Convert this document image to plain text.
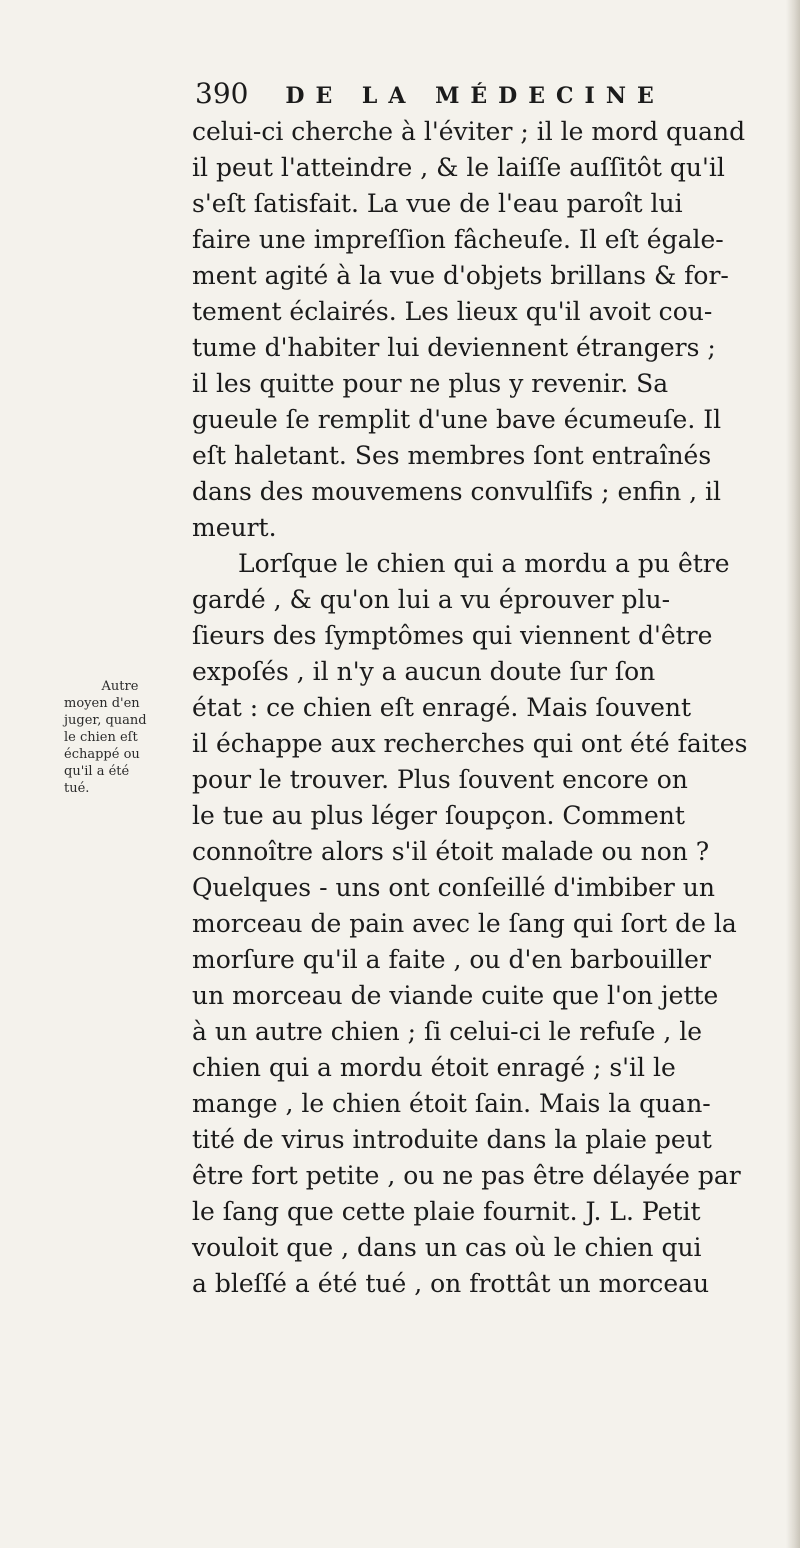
390 DE LA MÉDECINE
Autre
moyen d'en
juger, quand
le chien eſt
échappé ou
qu'il a été
tué.
celui-ci cherche à l'éviter ; il le mord quand
il peut l'atteindre , & le laiſſe auſſitôt qu'il
s'eſt ſatisfait. La vue de l'eau paroît lui
faire une impreſſion fâcheuſe. Il eſt égale-
ment agité à la vue d'objets brillans & for-
tement éclairés. Les lieux qu'il avoit cou-
tume d'habiter lui deviennent étrangers ;
il les quitte pour ne plus y revenir. Sa
gueule ſe remplit d'une bave écumeuſe. Il
eſt haletant. Ses membres ſont entraînés
dans des mouvemens convulſifs ; enfin , il
meurt.
Lorſque le chien qui a mordu a pu être
gardé , & qu'on lui a vu éprouver plu-
ſieurs des ſymptômes qui viennent d'être
expoſés , il n'y a aucun doute ſur ſon
état : ce chien eſt enragé. Mais ſouvent
il échappe aux recherches qui ont été faites
pour le trouver. Plus ſouvent encore on
le tue au plus léger ſoupçon. Comment
connoître alors s'il étoit malade ou non ?
Quelques - uns ont conſeillé d'imbiber un
morceau de pain avec le ſang qui ſort de la
morſure qu'il a faite , ou d'en barbouiller
un morceau de viande cuite que l'on jette
à un autre chien ; ſi celui-ci le refuſe , le
chien qui a mordu étoit enragé ; s'il le
mange , le chien étoit ſain. Mais la quan-
tité de virus introduite dans la plaie peut
être fort petite , ou ne pas être délayée par
le ſang que cette plaie fournit. J. L. Petit
vouloit que , dans un cas où le chien qui
a bleſſé a été tué , on frottât un morceau
